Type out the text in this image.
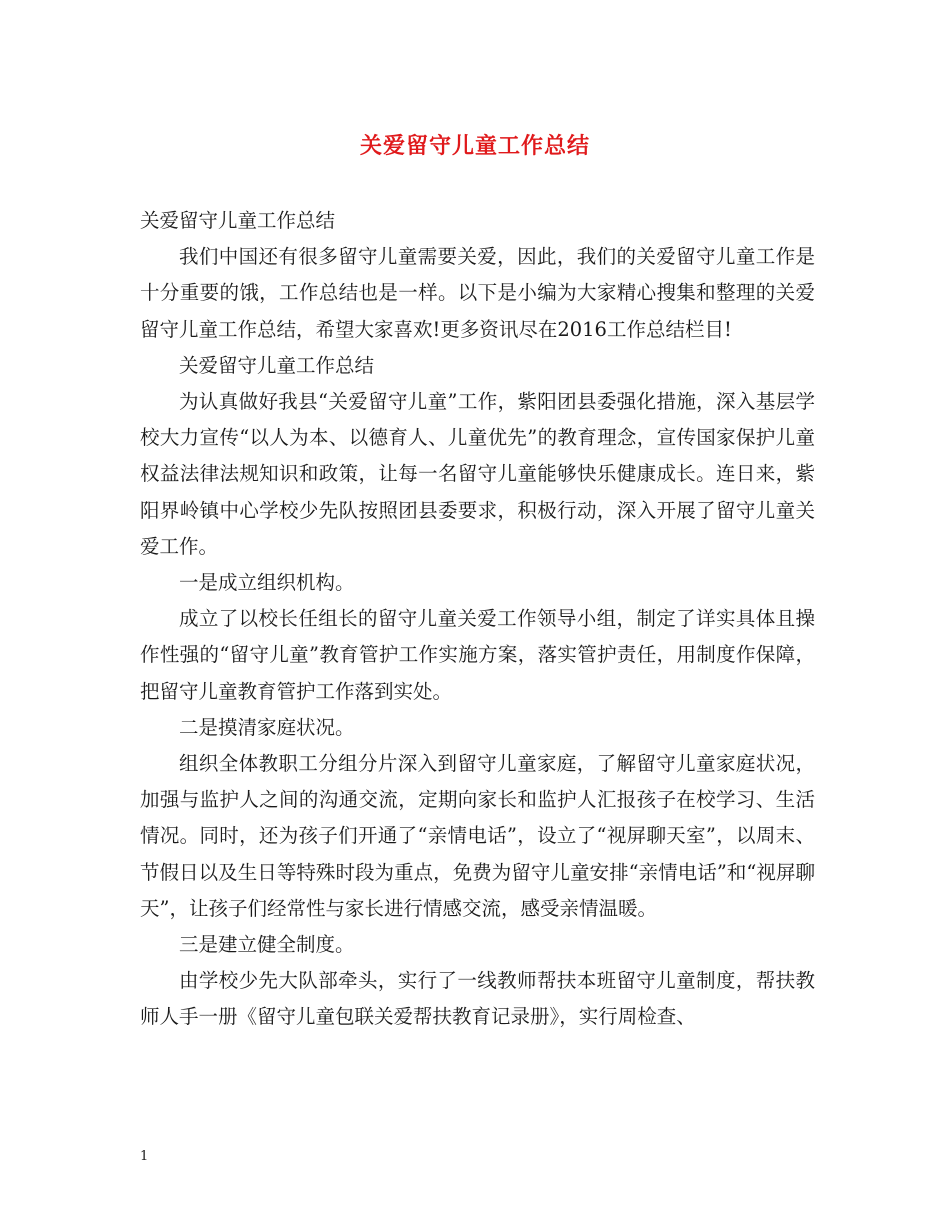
关爱留守儿童工作总结

关爱留守儿童工作总结

我们中国还有很多留守儿童需要关爱，因此，我们的关爱留守儿童工作是十分重要的饿，工作总结也是一样。以下是小编为大家精心搜集和整理的关爱留守儿童工作总结，希望大家喜欢!更多资讯尽在2016工作总结栏目!

关爱留守儿童工作总结

为认真做好我县“关爱留守儿童”工作，紫阳团县委强化措施，深入基层学校大力宣传“以人为本、以德育人、儿童优先”的教育理念，宣传国家保护儿童权益法律法规知识和政策，让每一名留守儿童能够快乐健康成长。连日来，紫阳界岭镇中心学校少先队按照团县委要求，积极行动，深入开展了留守儿童关爱工作。

一是成立组织机构。

成立了以校长任组长的留守儿童关爱工作领导小组，制定了详实具体且操作性强的“留守儿童”教育管护工作实施方案，落实管护责任，用制度作保障，把留守儿童教育管护工作落到实处。

二是摸清家庭状况。

组织全体教职工分组分片深入到留守儿童家庭，了解留守儿童家庭状况，加强与监护人之间的沟通交流，定期向家长和监护人汇报孩子在校学习、生活情况。同时，还为孩子们开通了“亲情电话”，设立了“视屏聊天室”，以周末、节假日以及生日等特殊时段为重点，免费为留守儿童安排“亲情电话”和“视屏聊天”，让孩子们经常性与家长进行情感交流，感受亲情温暖。

三是建立健全制度。

由学校少先大队部牵头，实行了一线教师帮扶本班留守儿童制度，帮扶教师人手一册《留守儿童包联关爱帮扶教育记录册》，实行周检查、

1
